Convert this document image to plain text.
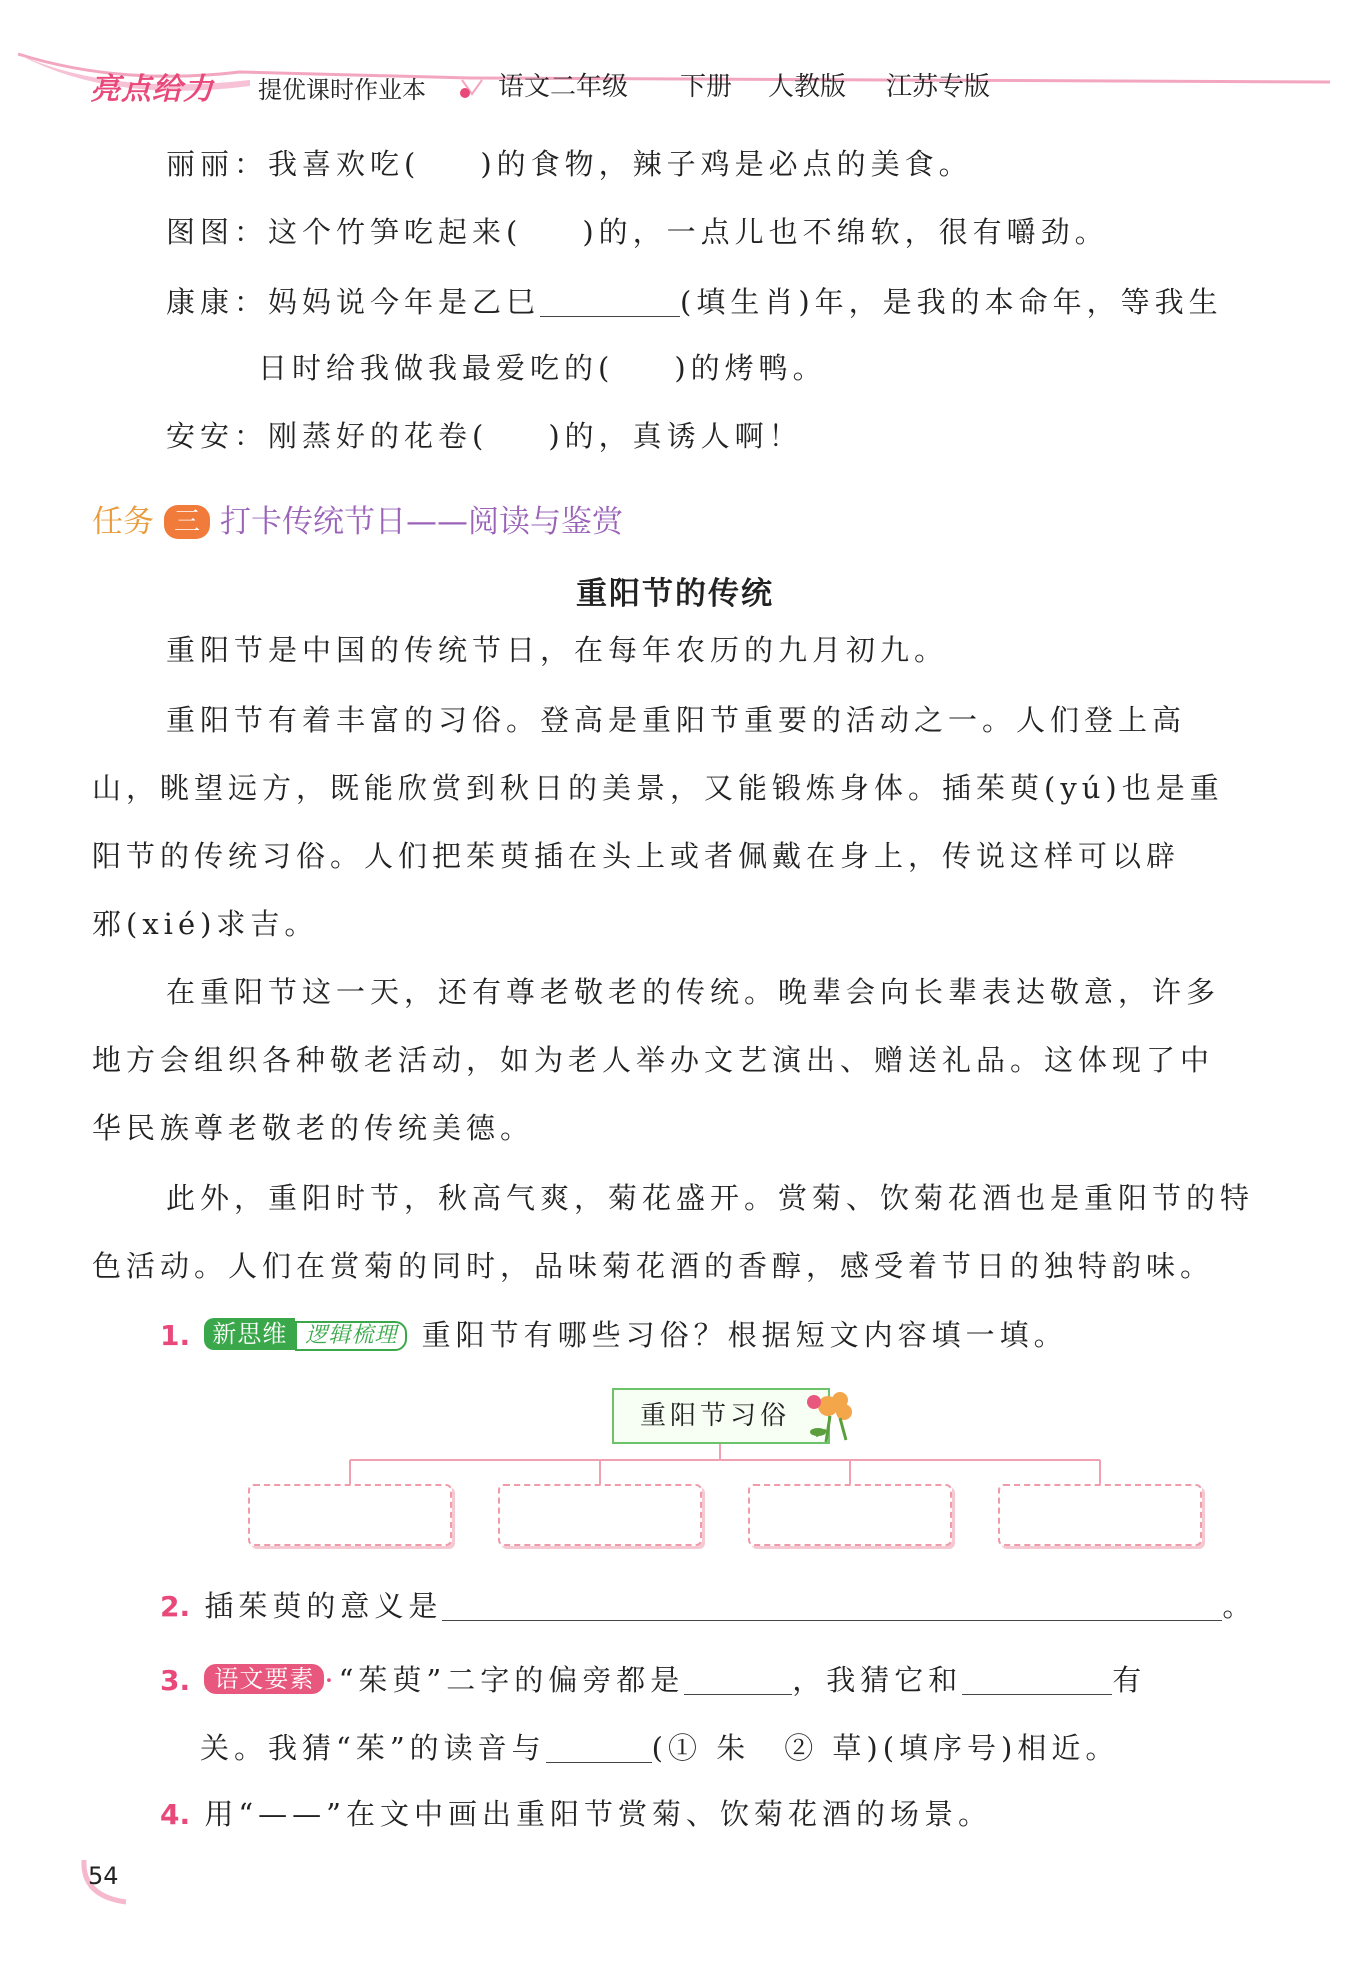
亮点给力 提优课时作业本	语文二年级 下册 人教版 江苏专版
丽丽：我喜欢吃( )的食物，辣子鸡是必点的美食。
图图：这个竹笋吃起来( )的，一点儿也不绵软，很有嚼劲。
康康：妈妈说今年是乙巳	(填生肖)年，是我的本命年，等我生
日时给我做我最爱吃的( )的烤鸭。
安安：刚蒸好的花卷( )的，真诱人啊！
任务 三 打卡传统节日——阅读与鉴赏
重阳节的传统
重阳节是中国的传统节日，在每年农历的九月初九。
重阳节有着丰富的习俗。登高是重阳节重要的活动之一。人们登上高
山，眺望远方，既能欣赏到秋日的美景，又能锻炼身体。插茱萸(yú)也是重
阳节的传统习俗。人们把茱萸插在头上或者佩戴在身上，传说这样可以辟
邪(xié)求吉。
在重阳节这一天，还有尊老敬老的传统。晚辈会向长辈表达敬意，许多
地方会组织各种敬老活动，如为老人举办文艺演出、赠送礼品。这体现了中
华民族尊老敬老的传统美德。
此外，重阳时节，秋高气爽，菊花盛开。赏菊、饮菊花酒也是重阳节的特
色活动。人们在赏菊的同时，品味菊花酒的香醇，感受着节日的独特韵味。
1. 新思维 逻辑梳理 重阳节有哪些习俗？根据短文内容填一填。
重阳节习俗
2. 插茱萸的意义是	。
3. 语文要素 ·“茱萸”二字的偏旁都是	，我猜它和	有
关。我猜“茱”的读音与	(① 朱　② 草)(填序号)相近。
4. 用“——”在文中画出重阳节赏菊、饮菊花酒的场景。
54
